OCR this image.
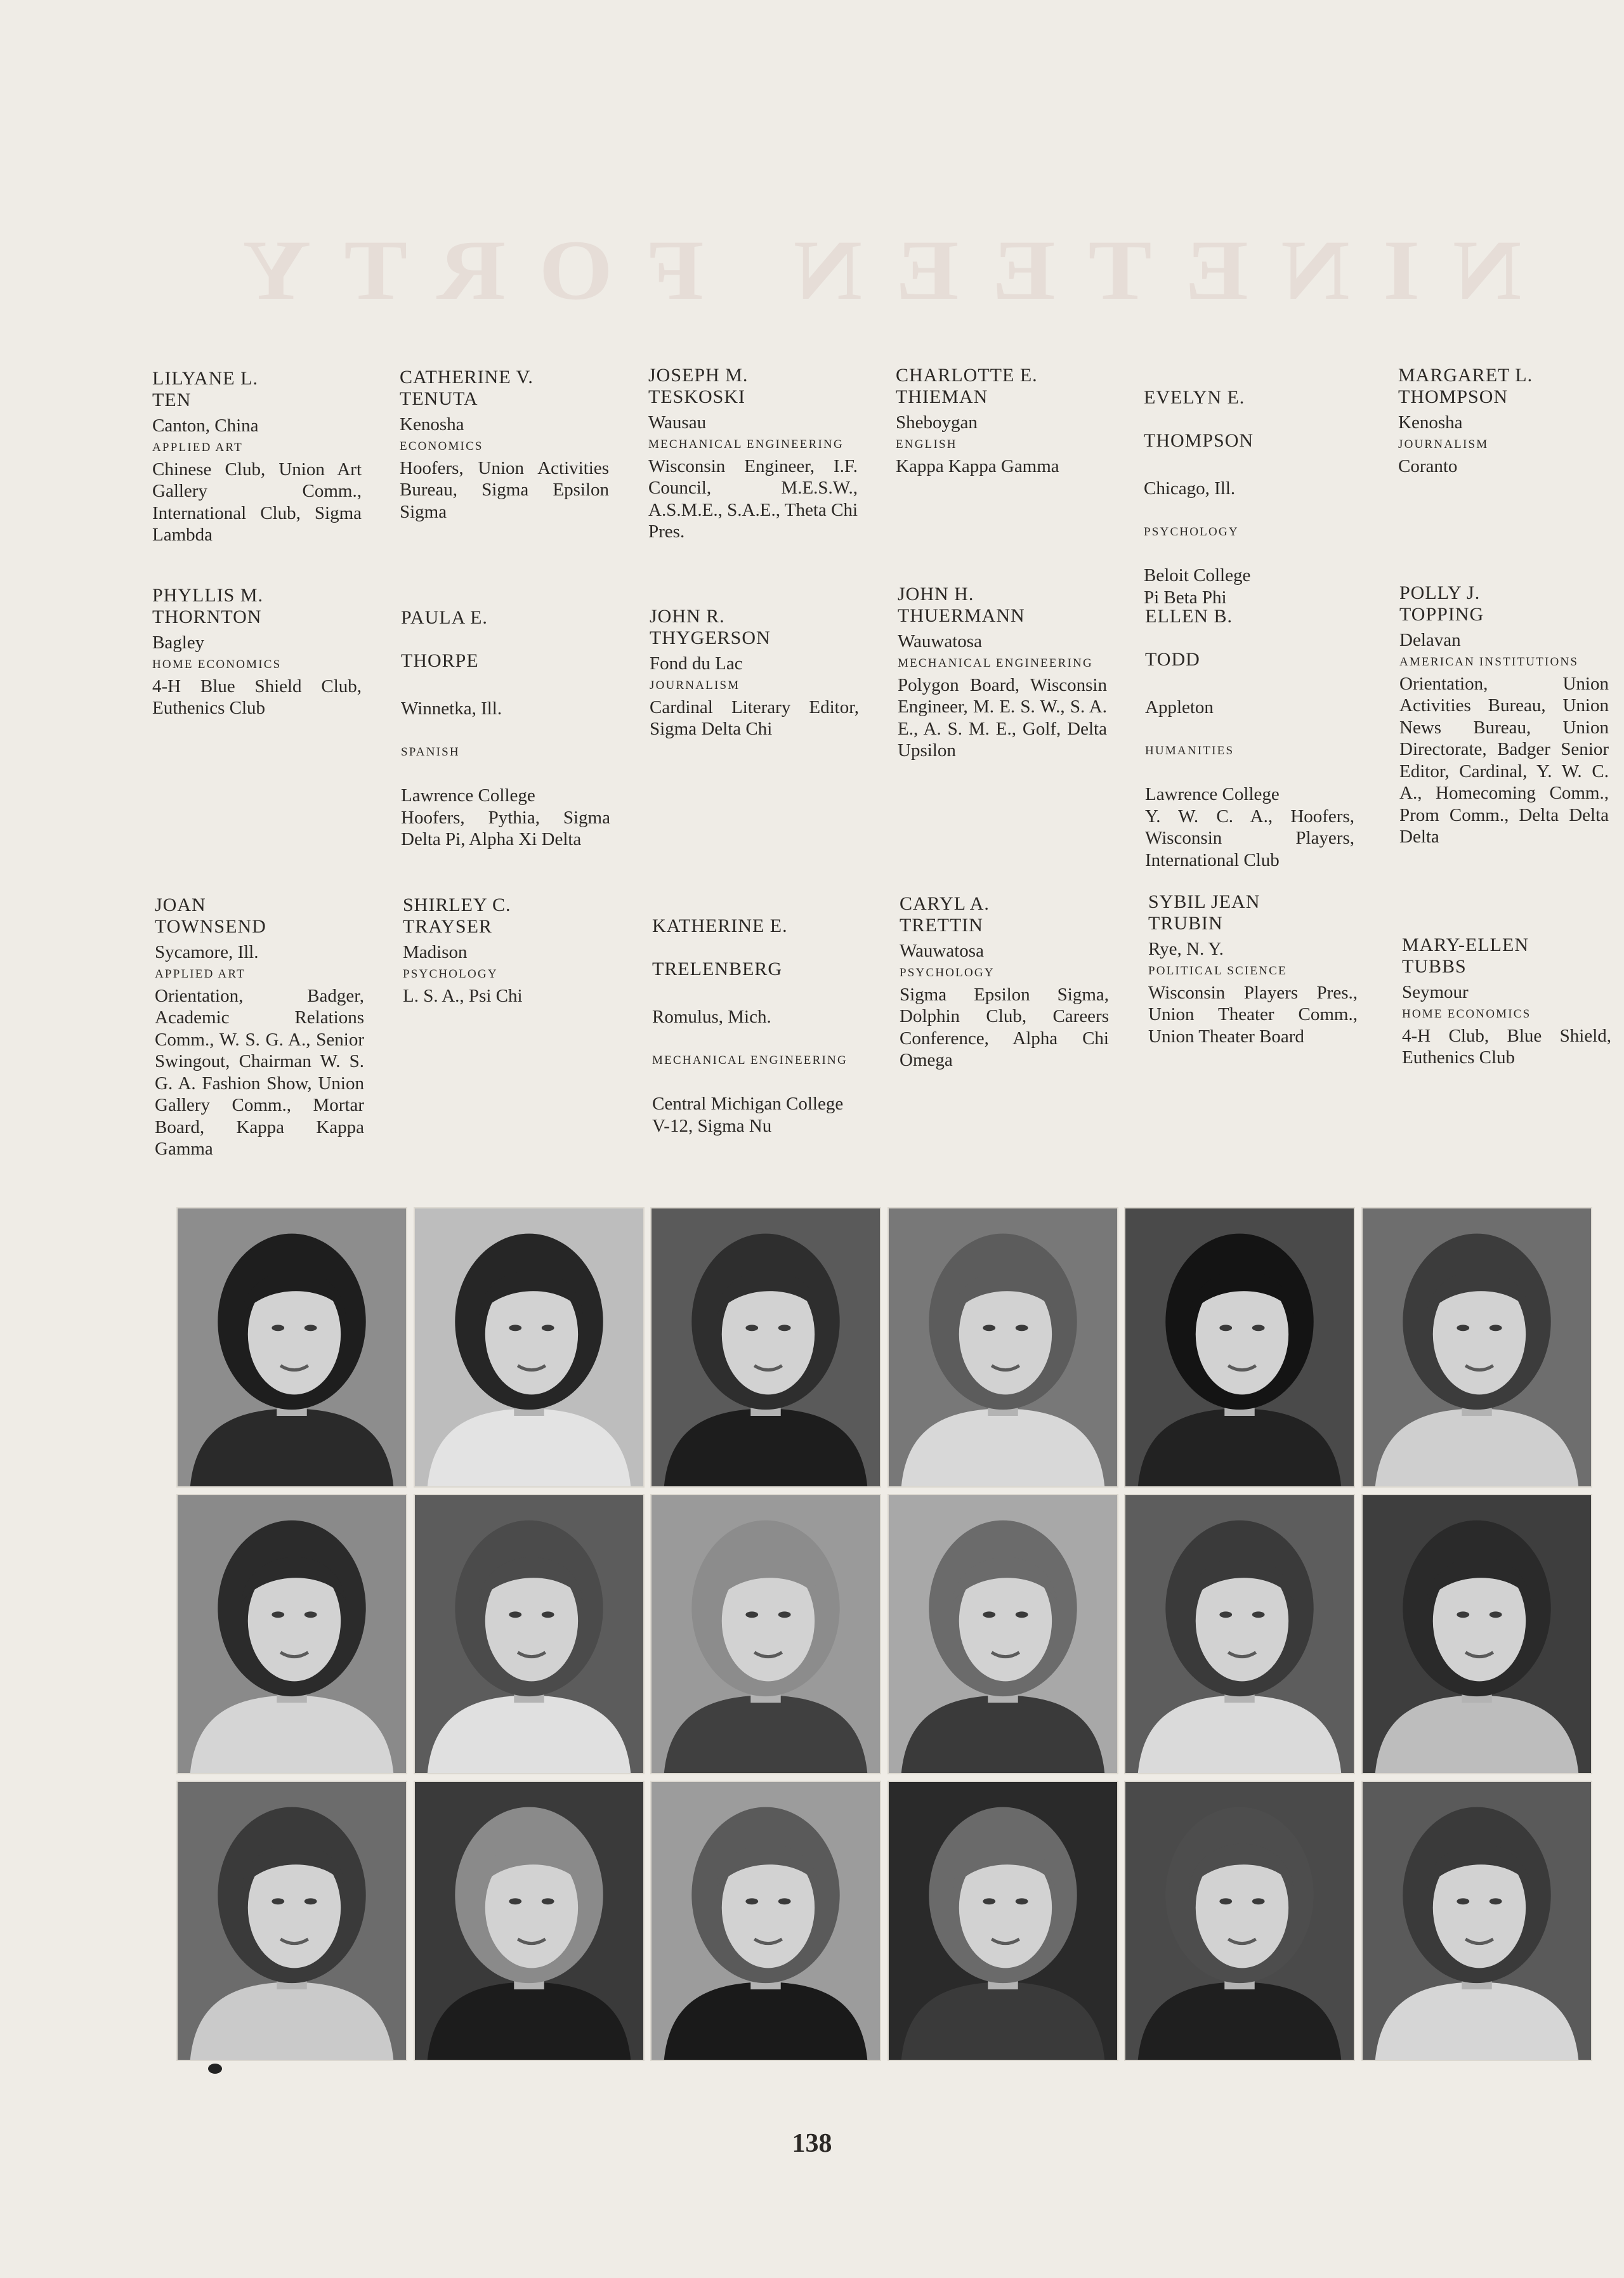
NINETEEN FORTY
LILYANE L.
TEN
Canton, China
APPLIED ART
Chinese Club, Union Art Gallery Comm., International Club, Sigma Lambda
CATHERINE V.
TENUTA
Kenosha
ECONOMICS
Hoofers, Union Activities Bureau, Sigma Epsilon Sigma
JOSEPH M.
TESKOSKI
Wausau
MECHANICAL ENGINEERING
Wisconsin Engineer, I.F. Council, M.E.S.W., A.S.M.E., S.A.E., Theta Chi Pres.
CHARLOTTE E.
THIEMAN
Sheboygan
ENGLISH
Kappa Kappa Gamma

EVELYN E.

THOMPSON

Chicago, Ill.

PSYCHOLOGY

Beloit College
Pi Beta Phi

MARGARET L.
THOMPSON
Kenosha
JOURNALISM
Coranto
PHYLLIS M.
THORNTON
Bagley
HOME ECONOMICS
4-H Blue Shield Club, Euthenics Club

PAULA E.

THORPE

Winnetka, Ill.

SPANISH

Lawrence College
Hoofers, Pythia, Sigma Delta Pi, Alpha Xi Delta

JOHN R.
THYGERSON
Fond du Lac
JOURNALISM
Cardinal Literary Editor, Sigma Delta Chi
JOHN H.
THUERMANN
Wauwatosa
MECHANICAL ENGINEERING
Polygon Board, Wisconsin Engineer, M. E. S. W., S. A. E., A. S. M. E., Golf, Delta Upsilon

ELLEN B.

TODD

Appleton

HUMANITIES

Lawrence College
Y. W. C. A., Hoofers, Wisconsin Players, International Club

POLLY J.
TOPPING
Delavan
AMERICAN INSTITUTIONS
Orientation, Union Activities Bureau, Union News Bureau, Union Directorate, Badger Senior Editor, Cardinal, Y. W. C. A., Homecoming Comm., Prom Comm., Delta Delta Delta
JOAN
TOWNSEND
Sycamore, Ill.
APPLIED ART
Orientation, Badger, Academic Relations Comm., W. S. G. A., Senior Swingout, Chairman W. S. G. A. Fashion Show, Union Gallery Comm., Mortar Board, Kappa Kappa Gamma
SHIRLEY C.
TRAYSER
Madison
PSYCHOLOGY
L. S. A., Psi Chi

KATHERINE E.

TRELENBERG

Romulus, Mich.

MECHANICAL ENGINEERING

Central Michigan College
V-12, Sigma Nu

CARYL A.
TRETTIN
Wauwatosa
PSYCHOLOGY
Sigma Epsilon Sigma, Dolphin Club, Careers Conference, Alpha Chi Omega
SYBIL JEAN
TRUBIN
Rye, N. Y.
POLITICAL SCIENCE
Wisconsin Players Pres., Union Theater Comm., Union Theater Board
MARY-ELLEN
TUBBS
Seymour
HOME ECONOMICS
4-H Club, Blue Shield, Euthenics Club
138
